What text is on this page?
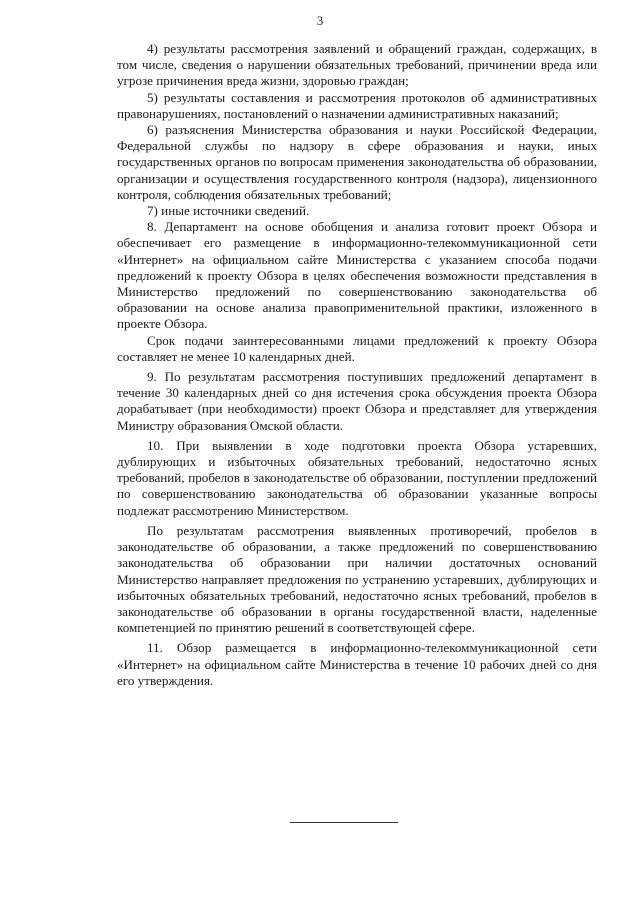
3

4) результаты рассмотрения заявлений и обращений граждан, содержащих, в том числе, сведения о нарушении обязательных требований, причинении вреда или угрозе причинения вреда жизни, здоровью граждан;

5) результаты составления и рассмотрения протоколов об административных правонарушениях, постановлений о назначении административных наказаний;

6) разъяснения Министерства образования и науки Российской Федерации, Федеральной службы по надзору в сфере образования и науки, иных государственных органов по вопросам применения законодательства об образовании, организации и осуществления государственного контроля (надзора), лицензионного контроля, соблюдения обязательных требований;

7) иные источники сведений.

8. Департамент на основе обобщения и анализа готовит проект Обзора и обеспечивает его размещение в информационно-телекоммуникационной сети «Интернет» на официальном сайте Министерства с указанием способа подачи предложений к проекту Обзора в целях обеспечения возможности представления в Министерство предложений по совершенствованию законодательства об образовании на основе анализа правоприменительной практики, изложенного в проекте Обзора.

Срок подачи заинтересованными лицами предложений к проекту Обзора составляет не менее 10 календарных дней.

9. По результатам рассмотрения поступивших предложений департамент в течение 30 календарных дней со дня истечения срока обсуждения проекта Обзора дорабатывает (при необходимости) проект Обзора и представляет для утверждения Министру образования Омской области.

10. При выявлении в ходе подготовки проекта Обзора устаревших, дублирующих и избыточных обязательных требований, недостаточно ясных требований, пробелов в законодательстве об образовании, поступлении предложений по совершенствованию законодательства об образовании указанные вопросы подлежат рассмотрению Министерством.

По результатам рассмотрения выявленных противоречий, пробелов в законодательстве об образовании, а также предложений по совершенствованию законодательства об образовании при наличии достаточных оснований Министерство направляет предложения по устранению устаревших, дублирующих и избыточных обязательных требований, недостаточно ясных требований, пробелов в законодательстве об образовании в органы государственной власти, наделенные компетенцией по принятию решений в соответствующей сфере.

11. Обзор размещается в информационно-телекоммуникационной сети «Интернет» на официальном сайте Министерства в течение 10 рабочих дней со дня его утверждения.
